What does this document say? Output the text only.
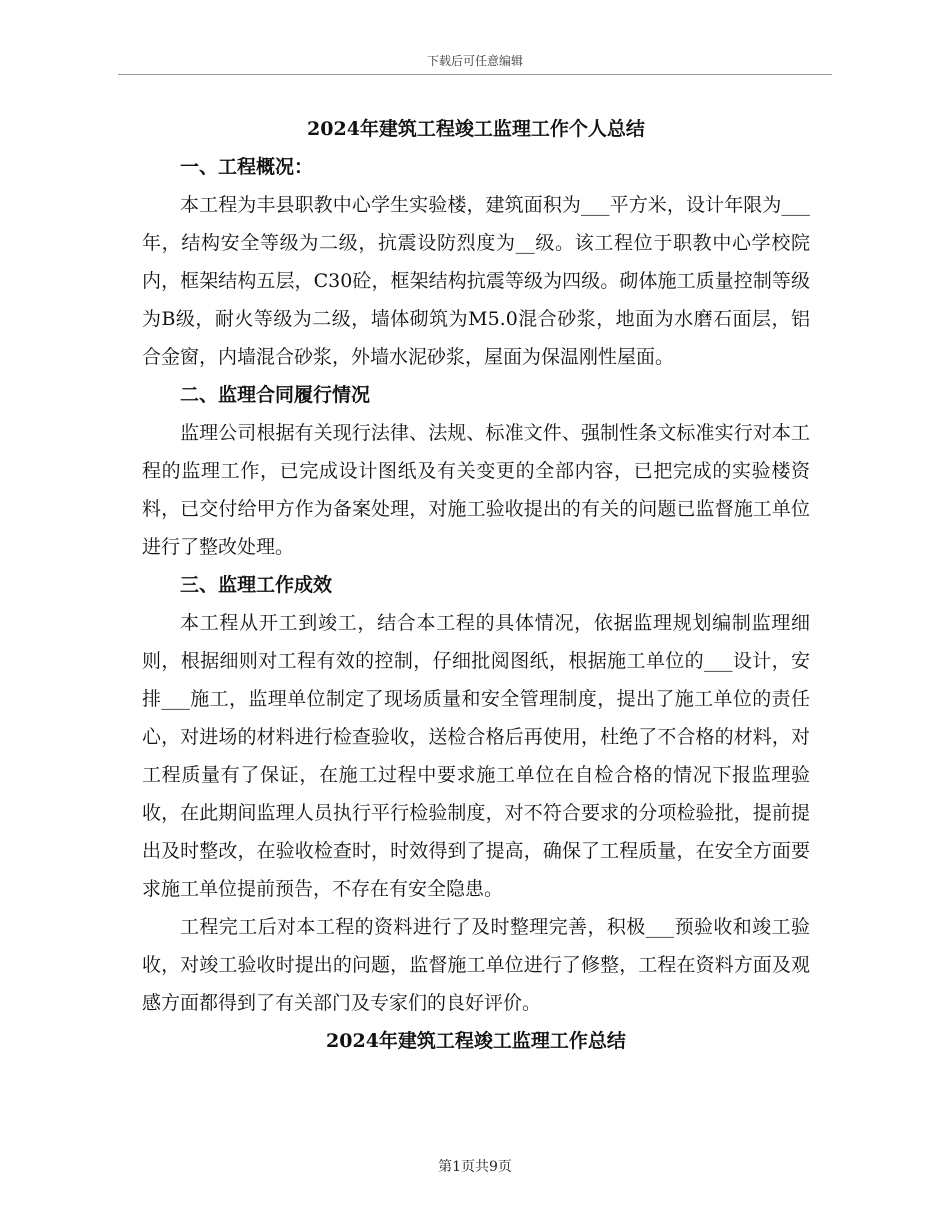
下载后可任意编辑

2024年建筑工程竣工监理工作个人总结

一、工程概况：

本工程为丰县职教中心学生实验楼，建筑面积为___平方米，设计年限为___年，结构安全等级为二级，抗震设防烈度为__级。该工程位于职教中心学校院内，框架结构五层，C30砼，框架结构抗震等级为四级。砌体施工质量控制等级为B级，耐火等级为二级，墙体砌筑为M5.0混合砂浆，地面为水磨石面层，铝合金窗，内墙混合砂浆，外墙水泥砂浆，屋面为保温刚性屋面。

二、监理合同履行情况

监理公司根据有关现行法律、法规、标准文件、强制性条文标准实行对本工程的监理工作，已完成设计图纸及有关变更的全部内容，已把完成的实验楼资料，已交付给甲方作为备案处理，对施工验收提出的有关的问题已监督施工单位进行了整改处理。

三、监理工作成效

本工程从开工到竣工，结合本工程的具体情况，依据监理规划编制监理细则，根据细则对工程有效的控制，仔细批阅图纸，根据施工单位的___设计，安排___施工，监理单位制定了现场质量和安全管理制度，提出了施工单位的责任心，对进场的材料进行检查验收，送检合格后再使用，杜绝了不合格的材料，对工程质量有了保证，在施工过程中要求施工单位在自检合格的情况下报监理验收，在此期间监理人员执行平行检验制度，对不符合要求的分项检验批，提前提出及时整改，在验收检查时，时效得到了提高，确保了工程质量，在安全方面要求施工单位提前预告，不存在有安全隐患。

工程完工后对本工程的资料进行了及时整理完善，积极___预验收和竣工验收，对竣工验收时提出的问题，监督施工单位进行了修整，工程在资料方面及观感方面都得到了有关部门及专家们的良好评价。

2024年建筑工程竣工监理工作总结

第1页共9页
